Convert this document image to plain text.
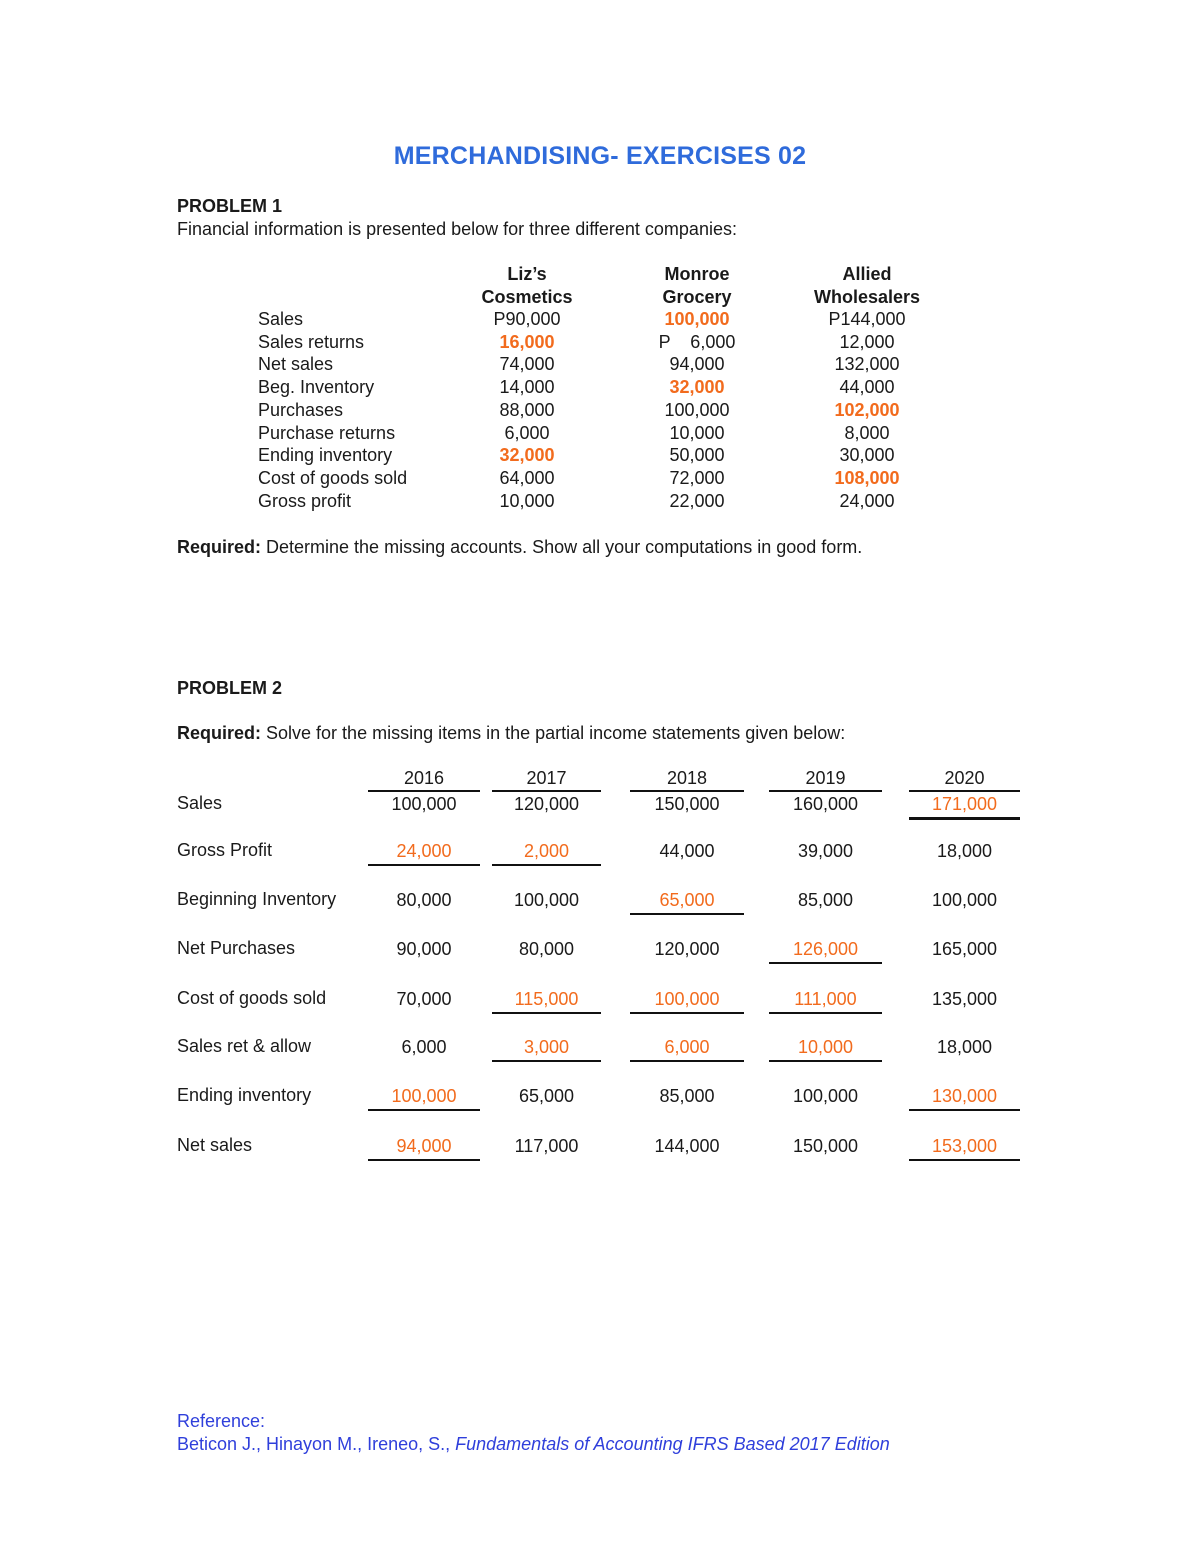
MERCHANDISING- EXERCISES 02
PROBLEM 1
Financial information is presented below for three different companies:
Liz’s
Cosmetics
Monroe
Grocery
Allied
Wholesalers
Sales	P90,000	100,000	P144,000
Sales returns	16,000	P    6,000	12,000
Net sales	74,000	94,000	132,000
Beg. Inventory	14,000	32,000	44,000
Purchases	88,000	100,000	102,000
Purchase returns	6,000	10,000	8,000
Ending inventory	32,000	50,000	30,000
Cost of goods sold	64,000	72,000	108,000
Gross profit	10,000	22,000	24,000
Required: Determine the missing accounts. Show all your computations in good form.
PROBLEM 2
Required: Solve for the missing items in the partial income statements given below:
2016	2017	2018	2019	2020
Sales	100,000	120,000	150,000	160,000	171,000
Gross Profit	24,000	2,000	44,000	39,000	18,000
Beginning Inventory	80,000	100,000	65,000	85,000	100,000
Net Purchases	90,000	80,000	120,000	126,000	165,000
Cost of goods sold	70,000	115,000	100,000	111,000	135,000
Sales ret & allow	6,000	3,000	6,000	10,000	18,000
Ending inventory	100,000	65,000	85,000	100,000	130,000
Net sales	94,000	117,000	144,000	150,000	153,000
Reference:
Beticon J., Hinayon M., Ireneo, S., Fundamentals of Accounting IFRS Based 2017 Edition
